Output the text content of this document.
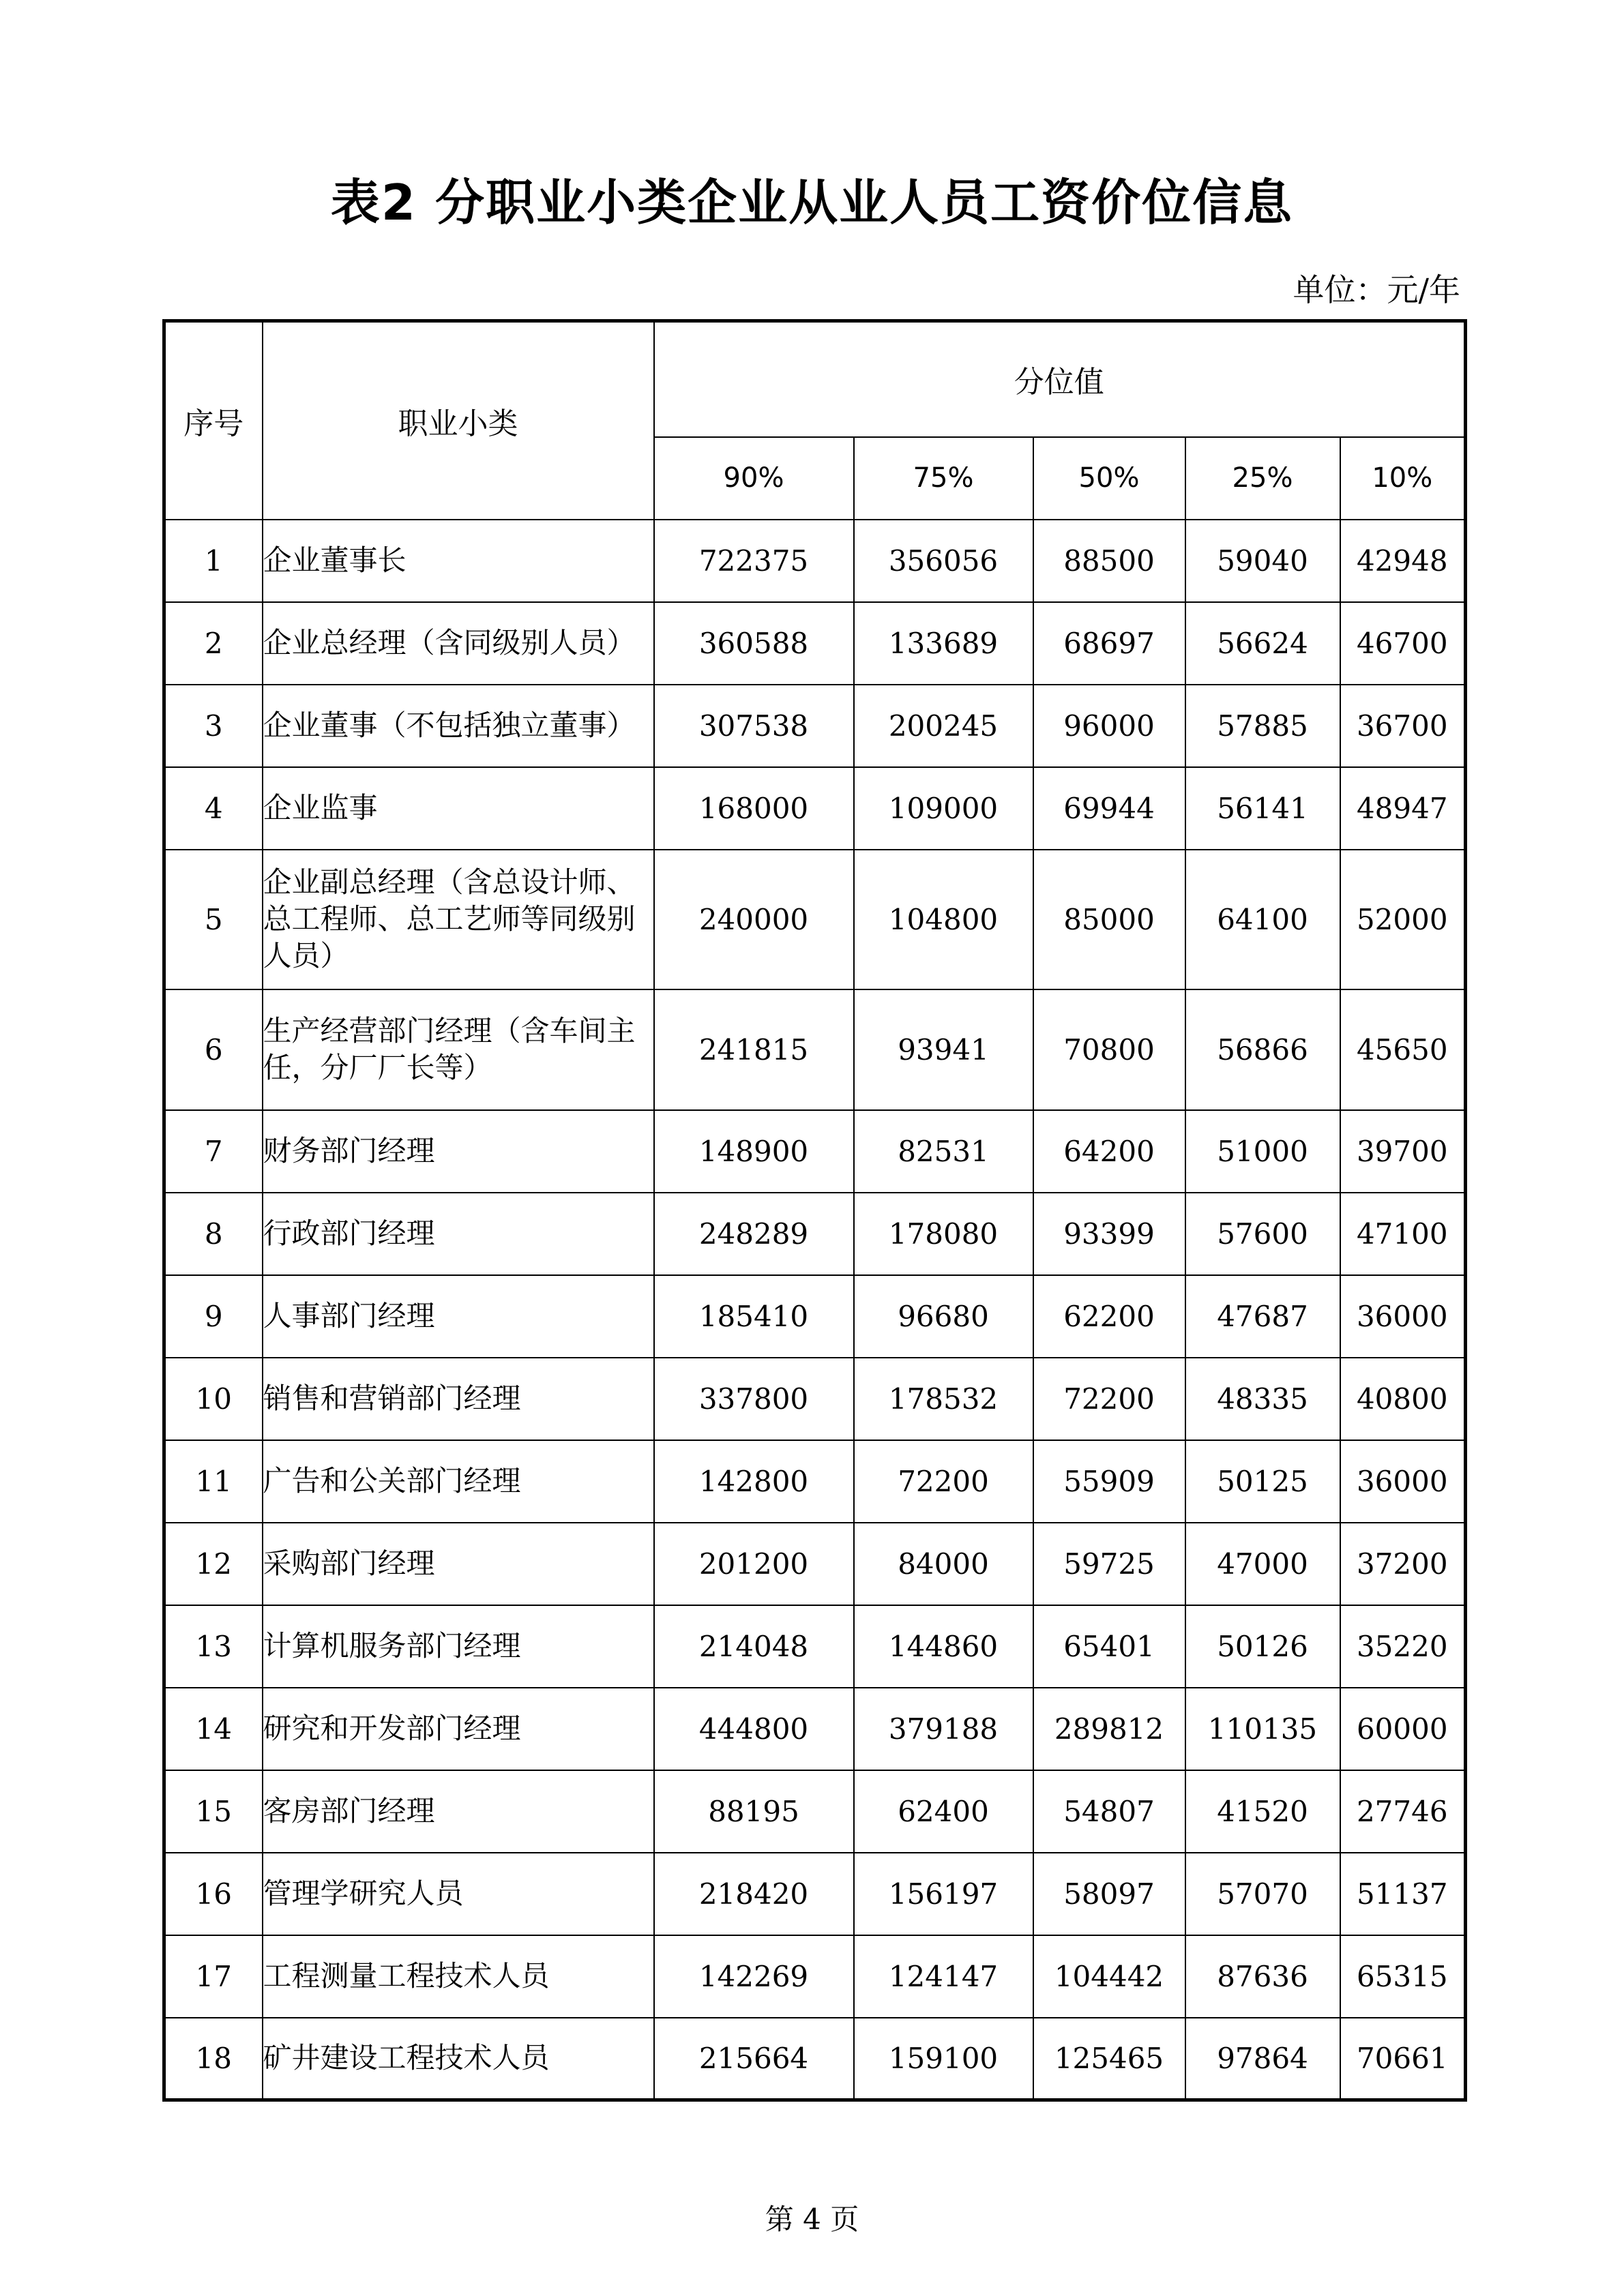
表2 分职业小类企业从业人员工资价位信息
单位：元/年
序号	职业小类	分位值				
		90%	75%	50%	25%	10%
1	企业董事长	722375	356056	88500	59040	42948
2	企业总经理（含同级别人员）	360588	133689	68697	56624	46700
3	企业董事（不包括独立董事）	307538	200245	96000	57885	36700
4	企业监事	168000	109000	69944	56141	48947
5	企业副总经理（含总设计师、总工程师、总工艺师等同级别人员）	240000	104800	85000	64100	52000
6	生产经营部门经理（含车间主任，分厂厂长等）	241815	93941	70800	56866	45650
7	财务部门经理	148900	82531	64200	51000	39700
8	行政部门经理	248289	178080	93399	57600	47100
9	人事部门经理	185410	96680	62200	47687	36000
10	销售和营销部门经理	337800	178532	72200	48335	40800
11	广告和公关部门经理	142800	72200	55909	50125	36000
12	采购部门经理	201200	84000	59725	47000	37200
13	计算机服务部门经理	214048	144860	65401	50126	35220
14	研究和开发部门经理	444800	379188	289812	110135	60000
15	客房部门经理	88195	62400	54807	41520	27746
16	管理学研究人员	218420	156197	58097	57070	51137
17	工程测量工程技术人员	142269	124147	104442	87636	65315
18	矿井建设工程技术人员	215664	159100	125465	97864	70661
第 4 页
